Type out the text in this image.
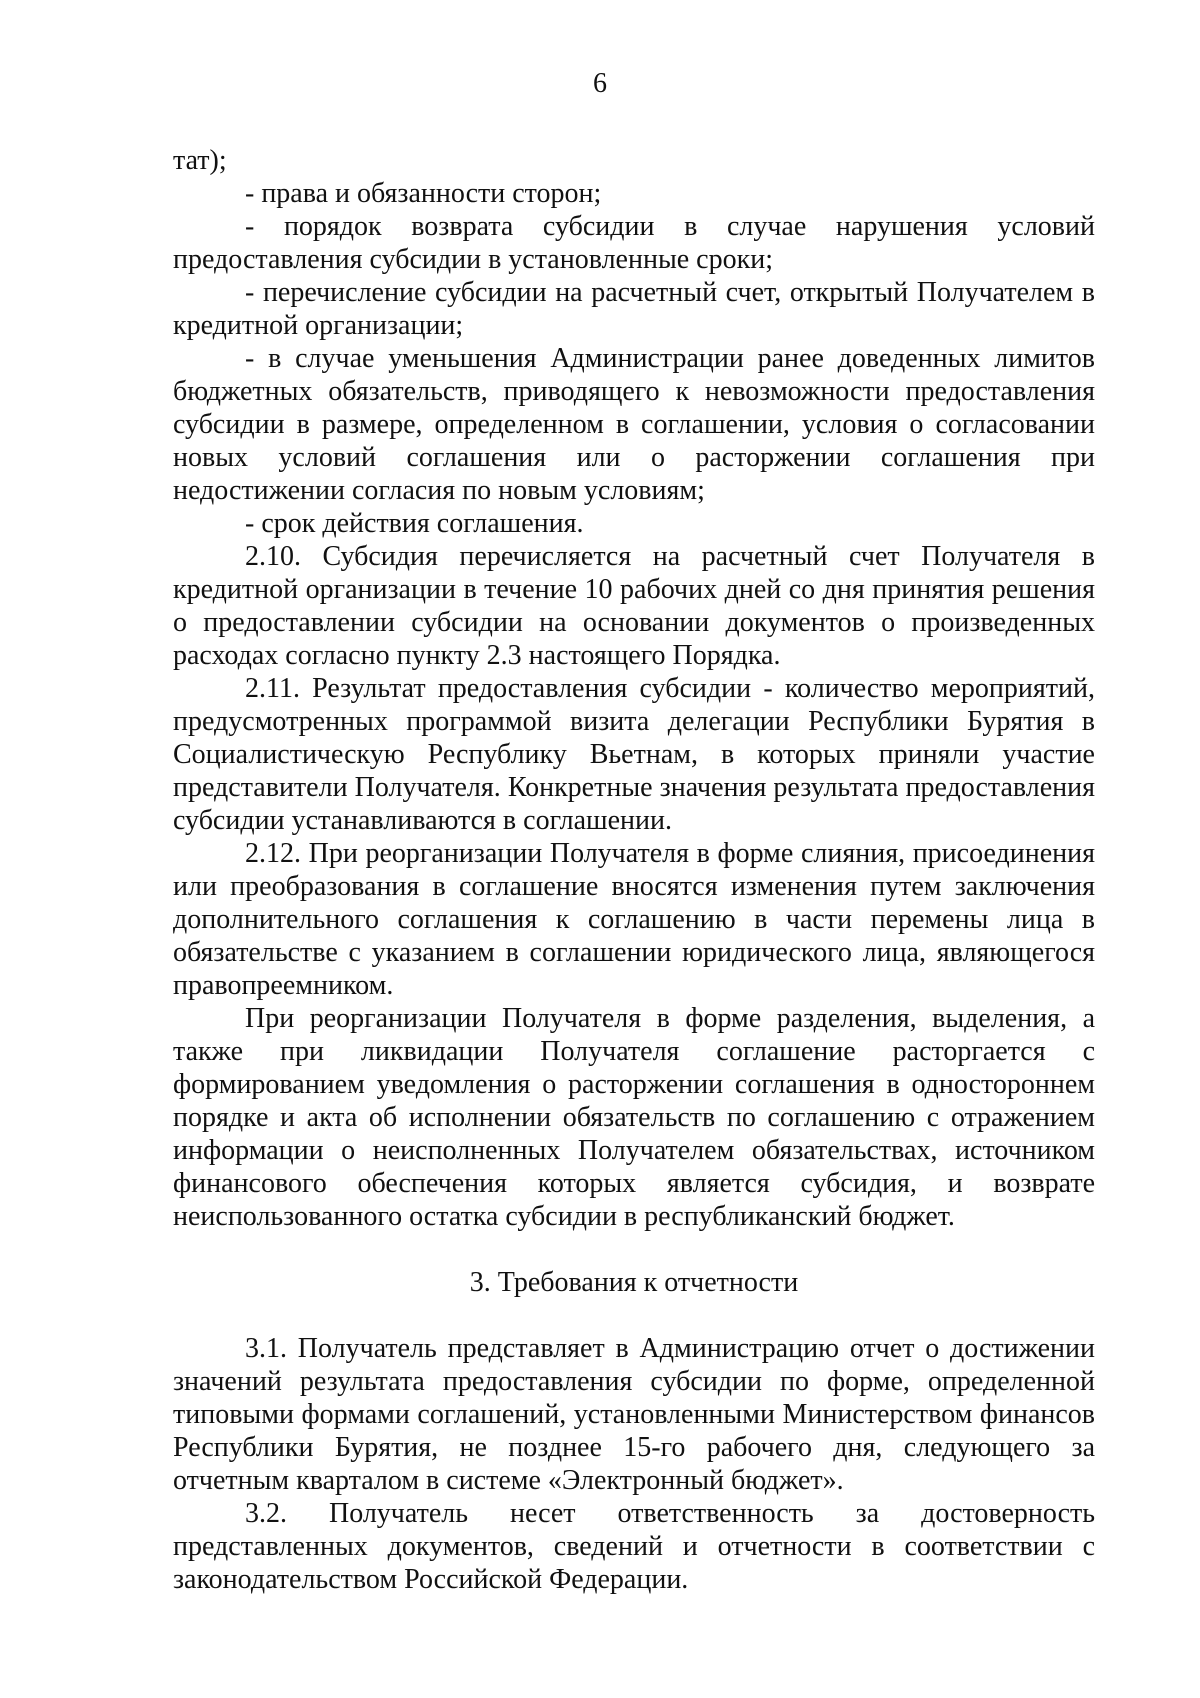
6

тат);

- права и обязанности сторон;

- порядок возврата субсидии в случае нарушения условий предоставления субсидии в установленные сроки;

- перечисление субсидии на расчетный счет, открытый Получателем в кредитной организации;

- в случае уменьшения Администрации ранее доведенных лимитов бюджетных обязательств, приводящего к невозможности предоставления субсидии в размере, определенном в соглашении, условия о согласовании новых условий соглашения или о расторжении соглашения при недостижении согласия по новым условиям;

- срок действия соглашения.

2.10. Субсидия перечисляется на расчетный счет Получателя в кредитной организации в течение 10 рабочих дней со дня принятия решения о предоставлении субсидии на основании документов о произведенных расходах согласно пункту 2.3 настоящего Порядка.

2.11. Результат предоставления субсидии - количество мероприятий, предусмотренных программой визита делегации Республики Бурятия в Социалистическую Республику Вьетнам, в которых приняли участие представители Получателя. Конкретные значения результата предоставления субсидии устанавливаются в соглашении.

2.12. При реорганизации Получателя в форме слияния, присоединения или преобразования в соглашение вносятся изменения путем заключения дополнительного соглашения к соглашению в части перемены лица в обязательстве с указанием в соглашении юридического лица, являющегося правопреемником.

При реорганизации Получателя в форме разделения, выделения, а также при ликвидации Получателя соглашение расторгается с формированием уведомления о расторжении соглашения в одностороннем порядке и акта об исполнении обязательств по соглашению с отражением информации о неисполненных Получателем обязательствах, источником финансового обеспечения которых является субсидия, и возврате неиспользованного остатка субсидии в республиканский бюджет.

3. Требования к отчетности

3.1. Получатель представляет в Администрацию отчет о достижении значений результата предоставления субсидии по форме, определенной типовыми формами соглашений, установленными Министерством финансов Республики Бурятия, не позднее 15-го рабочего дня, следующего за отчетным кварталом в системе «Электронный бюджет».

3.2. Получатель несет ответственность за достоверность представленных документов, сведений и отчетности в соответствии с законодательством Российской Федерации.
